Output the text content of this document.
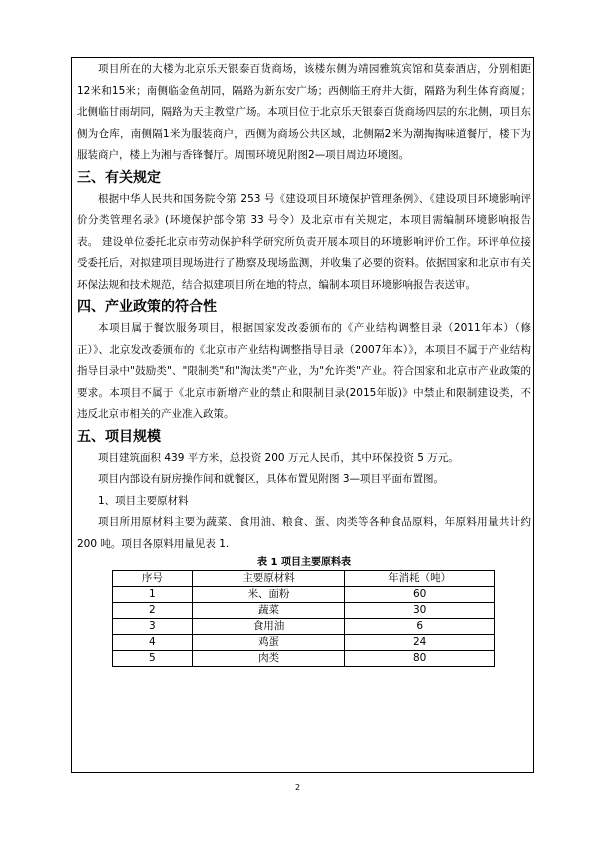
项目所在的大楼为北京乐天银泰百货商场，该楼东侧为靖园雅筑宾馆和莫泰酒店，分别相距12米和15米；南侧临金鱼胡同，隔路为新东安广场；西侧临王府井大街，隔路为利生体育商厦；北侧临甘雨胡同，隔路为天主教堂广场。本项目位于北京乐天银泰百货商场四层的东北侧，项目东侧为仓库，南侧隔1米为服装商户，西侧为商场公共区域，北侧隔2米为潮掏掏味道餐厅，楼下为服装商户，楼上为湘与香锋餐厅。周围环境见附图2—项目周边环境图。

三、有关规定

根据中华人民共和国务院令第 253 号《建设项目环境保护管理条例》、《建设项目环境影响评价分类管理名录》(环境保护部令第 33 号令）及北京市有关规定，本项目需编制环境影响报告表。 建设单位委托北京市劳动保护科学研究所负责开展本项目的环境影响评价工作。环评单位接受委托后，对拟建项目现场进行了勘察及现场监测，并收集了必要的资料。依据国家和北京市有关环保法规和技术规范，结合拟建项目所在地的特点，编制本项目环境影响报告表送审。

四、产业政策的符合性

本项目属于餐饮服务项目，根据国家发改委颁布的《产业结构调整目录（2011年本）（修正）》、北京发改委颁布的《北京市产业结构调整指导目录（2007年本）》，本项目不属于产业结构指导目录中"鼓励类"、"限制类"和"淘汰类"产业，为"允许类"产业。符合国家和北京市产业政策的要求。本项目不属于《北京市新增产业的禁止和限制目录(2015年版)》中禁止和限制建设类，不违反北京市相关的产业准入政策。

五、项目规模

项目建筑面积 439 平方米，总投资 200 万元人民币，其中环保投资 5 万元。

项目内部设有厨房操作间和就餐区，具体布置见附图 3—项目平面布置图。

1、项目主要原材料

项目所用原材料主要为蔬菜、食用油、粮食、蛋、肉类等各种食品原料，年原料用量共计约 200 吨。项目各原料用量见表 1.

表 1 项目主要原料表
序号	主要原材料	年消耗（吨）
1	米、面粉	60
2	蔬菜	30
3	食用油	6
4	鸡蛋	24
5	肉类	80
2
